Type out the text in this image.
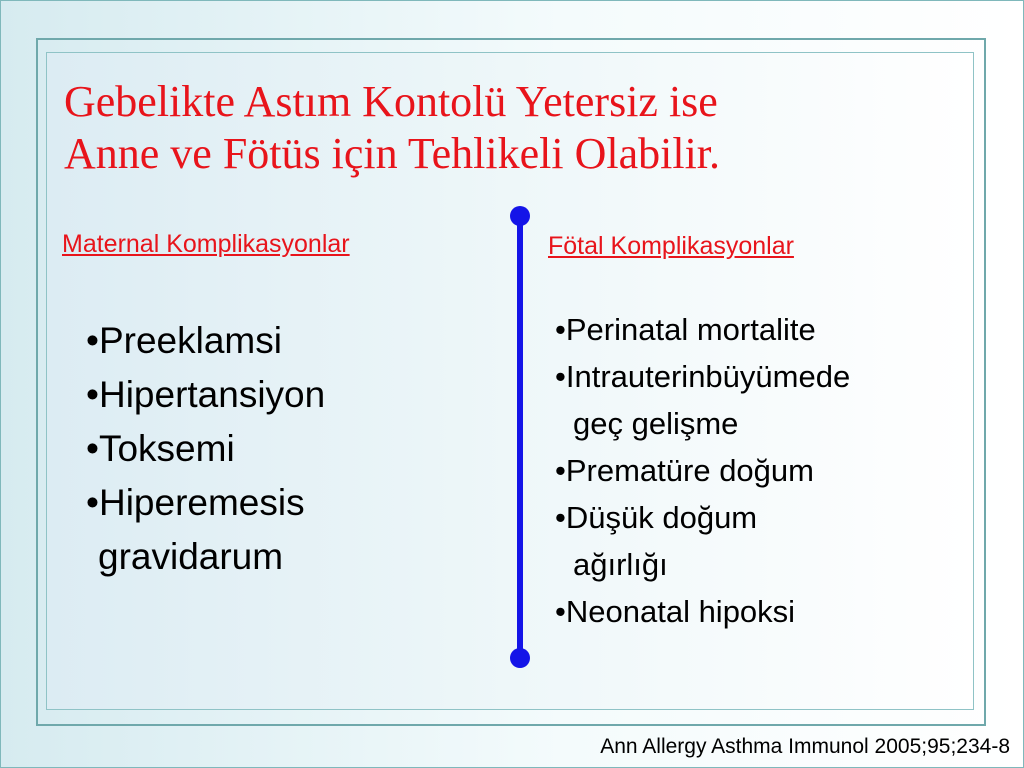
Gebelikte Astım Kontolü Yetersiz ise
Anne ve Fötüs için Tehlikeli Olabilir.
Maternal Komplikasyonlar	Fötal Komplikasyonlar
• Preeklamsi
• Hipertansiyon
• Toksemi
• Hiperemesis
gravidarum
• Perinatal mortalite
• Intrauterinbüyümede
geç gelişme
• Prematüre doğum
• Düşük doğum
ağırlığı
• Neonatal hipoksi
Ann Allergy Asthma Immunol 2005;95;234-8
